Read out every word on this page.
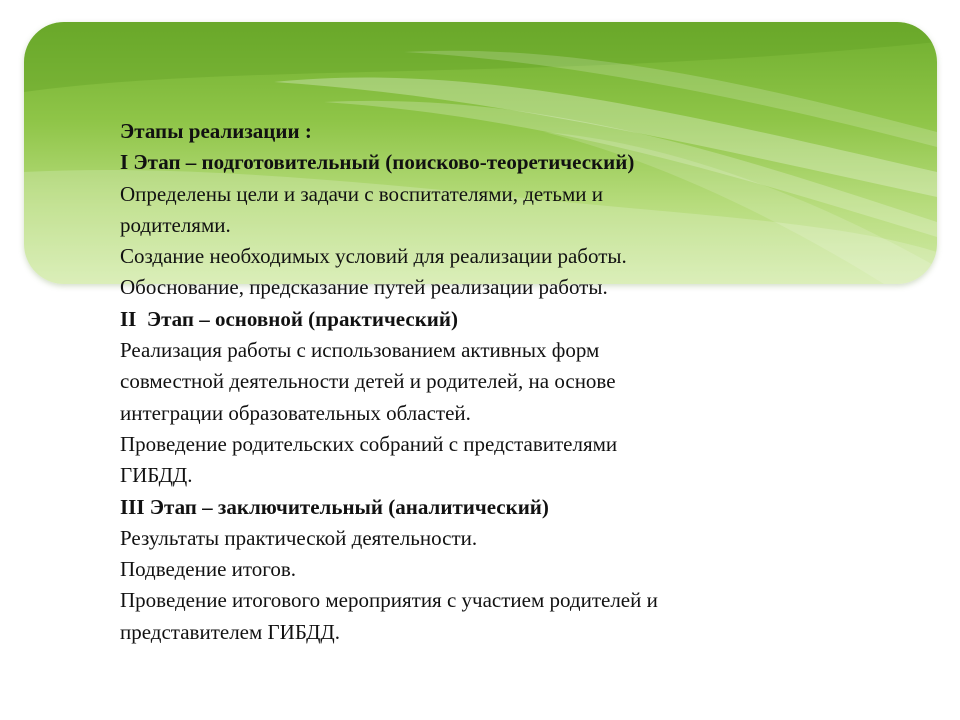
Этапы реализации :
I Этап – подготовительный (поисково-теоретический)
Определены цели и задачи с воспитателями, детьми и
родителями.
Создание необходимых условий для реализации работы.
Обоснование, предсказание путей реализации работы.
II  Этап – основной (практический)
Реализация работы с использованием активных форм
совместной деятельности детей и родителей, на основе
интеграции образовательных областей.
Проведение родительских собраний с представителями
ГИБДД.
III Этап – заключительный (аналитический)
Результаты практической деятельности.
Подведение итогов.
Проведение итогового мероприятия с участием родителей и
представителем ГИБДД.
